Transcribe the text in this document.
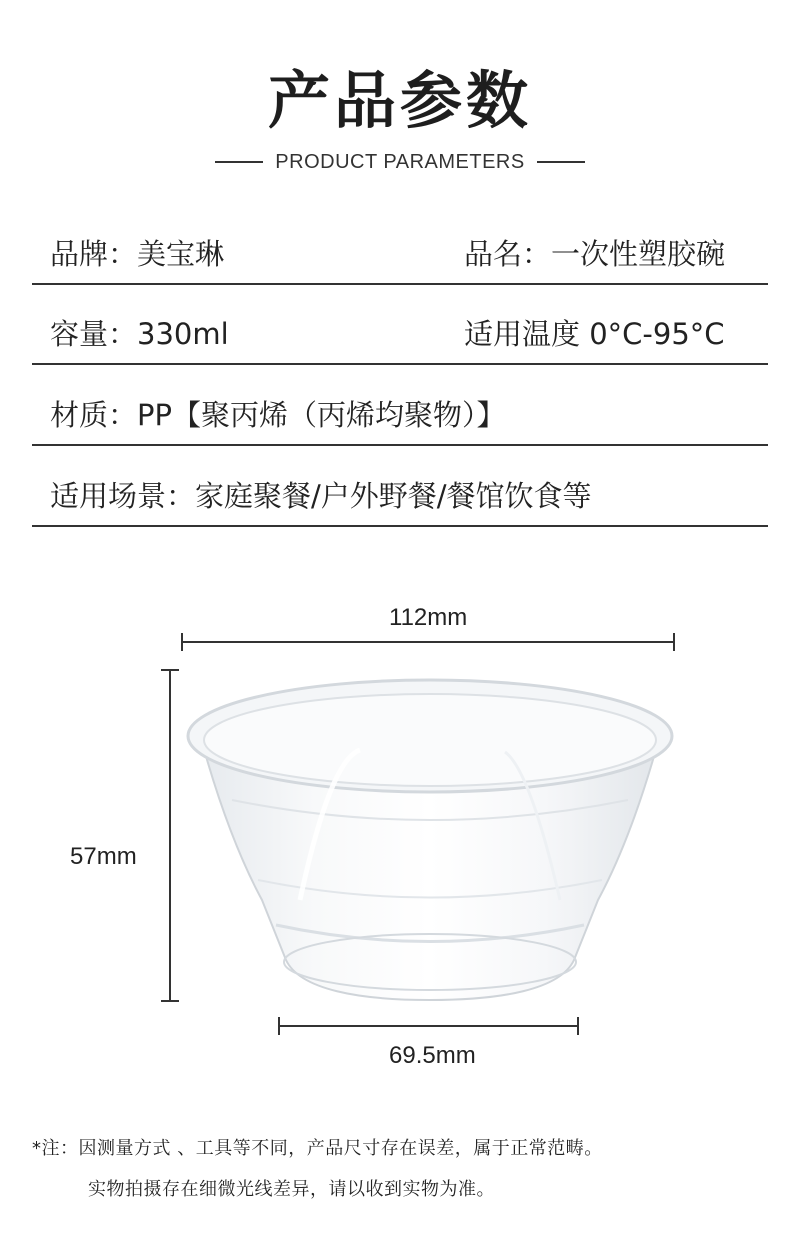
产品参数
PRODUCT PARAMETERS
品牌：美宝琳	品名：一次性塑胶碗
容量：330ml	适用温度 0°C-95°C
材质：PP【聚丙烯（丙烯均聚物）】
适用场景：家庭聚餐/户外野餐/餐馆饮食等
112mm
57mm
69.5mm
*注：因测量方式 、工具等不同，产品尺寸存在误差，属于正常范畴。
实物拍摄存在细微光线差异，请以收到实物为准。
